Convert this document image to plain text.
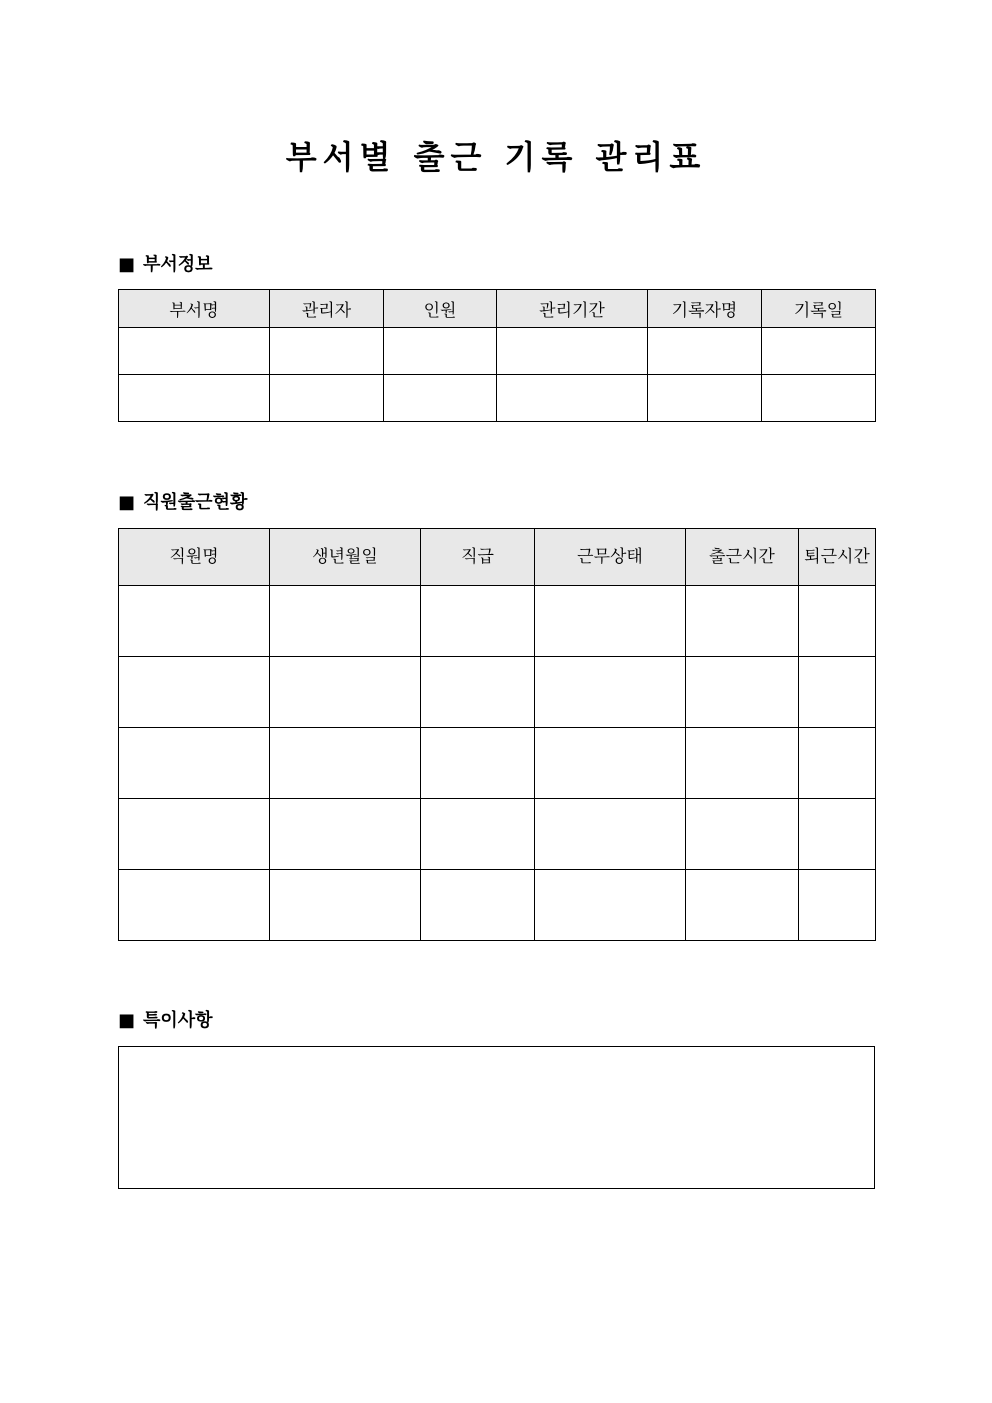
부서별 출근 기록 관리표
■ 부서정보
부서명	관리자	인원	관리기간	기록자명	기록일

■ 직원출근현황
직원명	생년월일	직급	근무상태	출근시간	퇴근시간

■ 특이사항
